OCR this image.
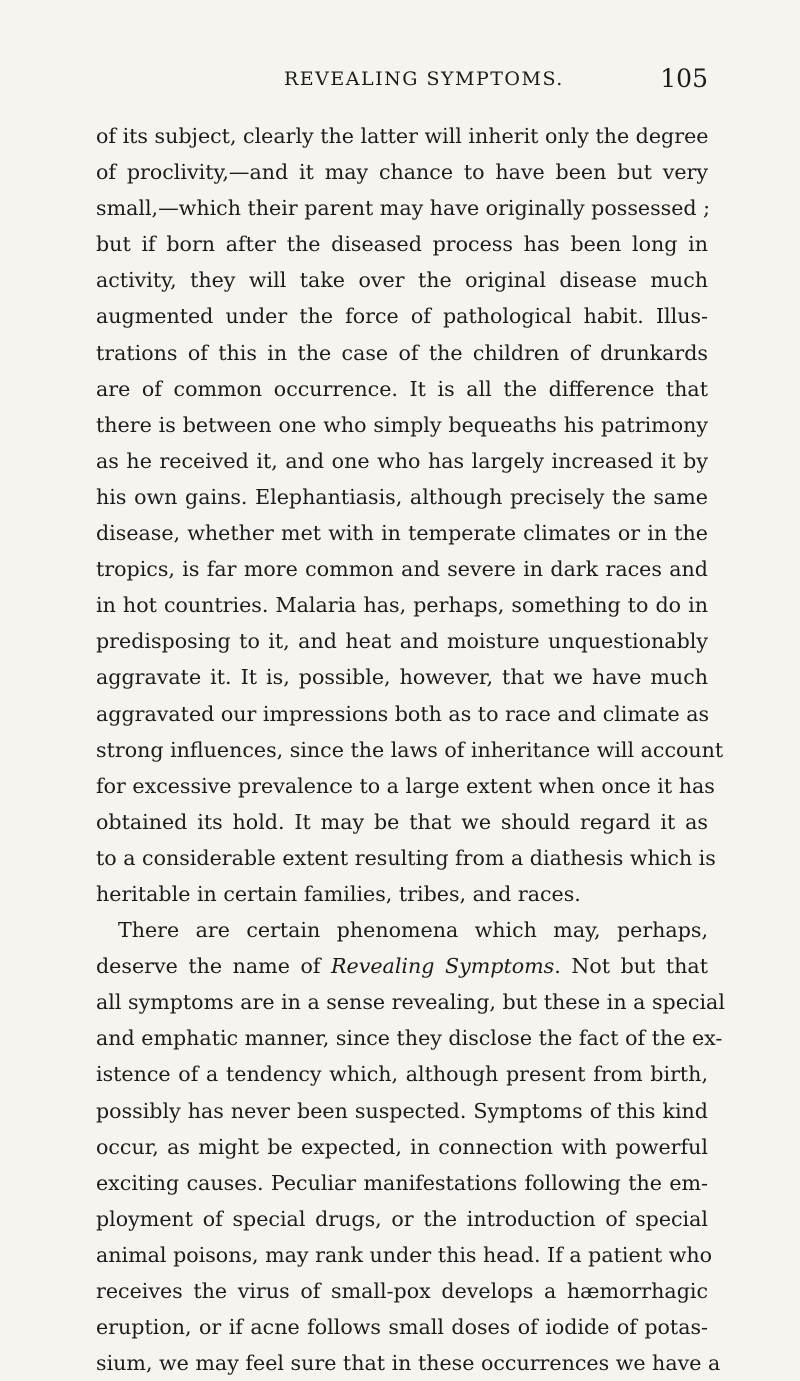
REVEALING SYMPTOMS.	105
of its subject, clearly the latter will inherit only the degree
of proclivity,—and it may chance to have been but very
small,—which their parent may have originally possessed ;
but if born after the diseased process has been long in
activity, they will take over the original disease much
augmented under the force of pathological habit. Illus-
trations of this in the case of the children of drunkards
are of common occurrence. It is all the difference that
there is between one who simply bequeaths his patrimony
as he received it, and one who has largely increased it by
his own gains. Elephantiasis, although precisely the same
disease, whether met with in temperate climates or in the
tropics, is far more common and severe in dark races and
in hot countries. Malaria has, perhaps, something to do in
predisposing to it, and heat and moisture unquestionably
aggravate it. It is, possible, however, that we have much
aggravated our impressions both as to race and climate as
strong influences, since the laws of inheritance will account
for excessive prevalence to a large extent when once it has
obtained its hold. It may be that we should regard it as
to a considerable extent resulting from a diathesis which is
heritable in certain families, tribes, and races.
There are certain phenomena which may, perhaps,
deserve the name of Revealing Symptoms. Not but that
all symptoms are in a sense revealing, but these in a special
and emphatic manner, since they disclose the fact of the ex-
istence of a tendency which, although present from birth,
possibly has never been suspected. Symptoms of this kind
occur, as might be expected, in connection with powerful
exciting causes. Peculiar manifestations following the em-
ployment of special drugs, or the introduction of special
animal poisons, may rank under this head. If a patient who
receives the virus of small-pox develops a hæmorrhagic
eruption, or if acne follows small doses of iodide of potas-
sium, we may feel sure that in these occurrences we have a
